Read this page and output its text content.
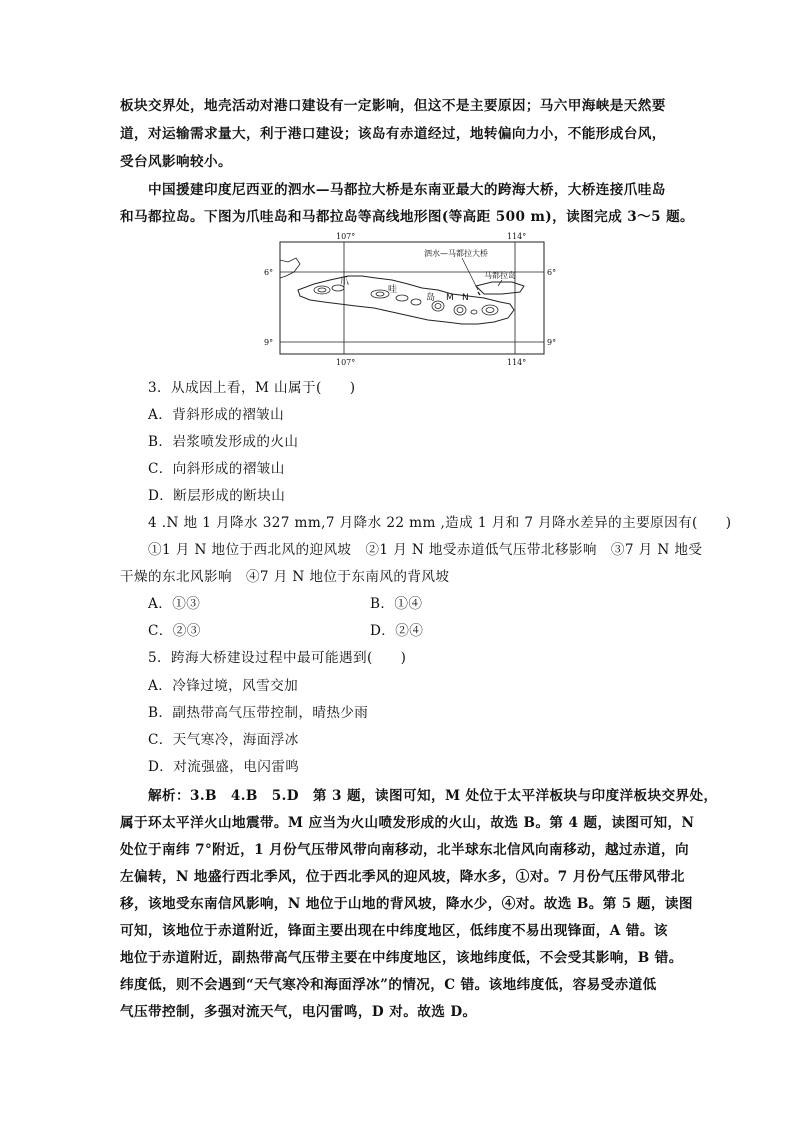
板块交界处，地壳活动对港口建设有一定影响，但这不是主要原因；马六甲海峡是天然要
道，对运输需求量大，利于港口建设；该岛有赤道经过，地转偏向力小，不能形成台风，
受台风影响较小。
中国援建印度尼西亚的泗水—马都拉大桥是东南亚最大的跨海大桥，大桥连接爪哇岛
和马都拉岛。下图为爪哇岛和马都拉岛等高线地形图(等高距 500 m)，读图完成 3～5 题。
107°	114°
107°	114°
6°	6°
9°	9°
泗水—马都拉大桥
马都拉岛
爪
哇
岛 M N
3．从成因上看，M 山属于(　　)
A．背斜形成的褶皱山
B．岩浆喷发形成的火山
C．向斜形成的褶皱山
D．断层形成的断块山
4 .N 地 1 月降水 327 mm,7 月降水 22 mm ,造成 1 月和 7 月降水差异的主要原因有(　　)
①1 月 N 地位于西北风的迎风坡　②1 月 N 地受赤道低气压带北移影响　③7 月 N 地受
干燥的东北风影响　④7 月 N 地位于东南风的背风坡
A．①③	B．①④
C．②③	D．②④
5．跨海大桥建设过程中最可能遇到(　　)
A．冷锋过境，风雪交加
B．副热带高气压带控制，晴热少雨
C．天气寒冷，海面浮冰
D．对流强盛，电闪雷鸣
解析：3.B　4.B　5.D　第 3 题，读图可知，M 处位于太平洋板块与印度洋板块交界处，
属于环太平洋火山地震带。M 应当为火山喷发形成的火山，故选 B。第 4 题，读图可知，N
处位于南纬 7°附近，1 月份气压带风带向南移动，北半球东北信风向南移动，越过赤道，向
左偏转，N 地盛行西北季风，位于西北季风的迎风坡，降水多，①对。7 月份气压带风带北
移，该地受东南信风影响，N 地位于山地的背风坡，降水少，④对。故选 B。第 5 题，读图
可知，该地位于赤道附近，锋面主要出现在中纬度地区，低纬度不易出现锋面，A 错。该
地位于赤道附近，副热带高气压带主要在中纬度地区，该地纬度低，不会受其影响，B 错。
纬度低，则不会遇到“天气寒冷和海面浮冰”的情况，C 错。该地纬度低，容易受赤道低
气压带控制，多强对流天气，电闪雷鸣，D 对。故选 D。
